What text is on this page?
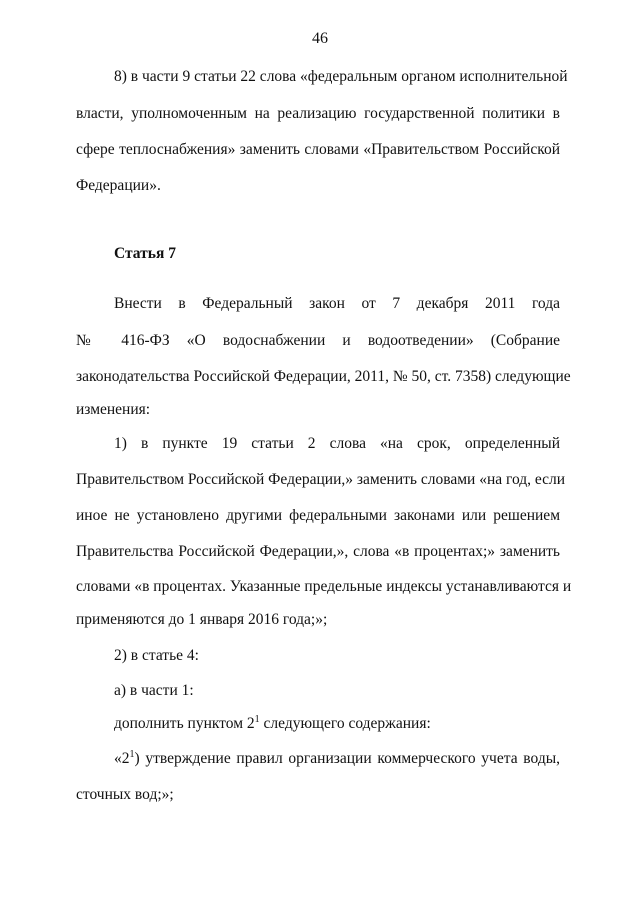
46
8) в части 9 статьи 22 слова «федеральным органом исполнительной
власти, уполномоченным на реализацию государственной политики в
сфере теплоснабжения» заменить словами «Правительством Российской
Федерации».
Статья 7
Внести в Федеральный закон от 7 декабря 2011 года
№ 416-ФЗ «О водоснабжении и водоотведении» (Собрание
законодательства Российской Федерации, 2011, № 50, ст. 7358) следующие
изменения:
1) в пункте 19 статьи 2 слова «на срок, определенный
Правительством Российской Федерации,» заменить словами «на год, если
иное не установлено другими федеральными законами или решением
Правительства Российской Федерации,», слова «в процентах;» заменить
словами «в процентах. Указанные предельные индексы устанавливаются и
применяются до 1 января 2016 года;»;
2) в статье 4:
а) в части 1:
дополнить пунктом $2^1$ следующего содержания:
«$2^1$) утверждение правил организации коммерческого учета воды,
сточных вод;»;
